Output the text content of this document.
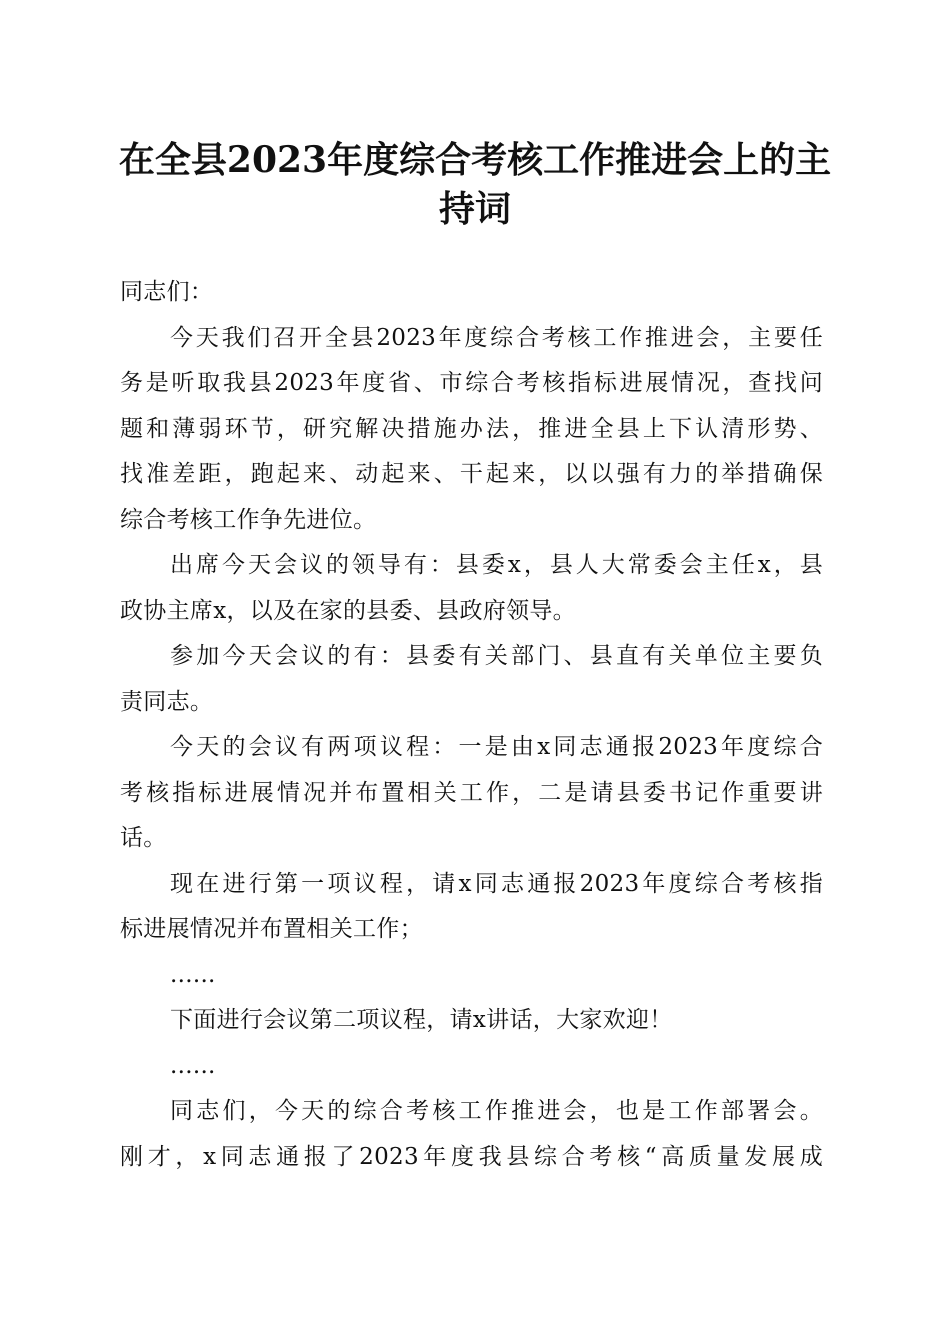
在全县2023年度综合考核工作推进会上的主持词
同志们：
今天我们召开全县2023年度综合考核工作推进会，主要任
务是听取我县2023年度省、市综合考核指标进展情况，查找问
题和薄弱环节，研究解决措施办法，推进全县上下认清形势、
找准差距，跑起来、动起来、干起来，以以强有力的举措确保
综合考核工作争先进位。
出席今天会议的领导有：县委x，县人大常委会主任x，县
政协主席x，以及在家的县委、县政府领导。
参加今天会议的有：县委有关部门、县直有关单位主要负
责同志。
今天的会议有两项议程：一是由x同志通报2023年度综合
考核指标进展情况并布置相关工作，二是请县委书记作重要讲
话。
现在进行第一项议程，请x同志通报2023年度综合考核指
标进展情况并布置相关工作；
......
下面进行会议第二项议程，请x讲话，大家欢迎！
......
同志们，今天的综合考核工作推进会，也是工作部署会。
刚才，x同志通报了2023年度我县综合考核“高质量发展成
